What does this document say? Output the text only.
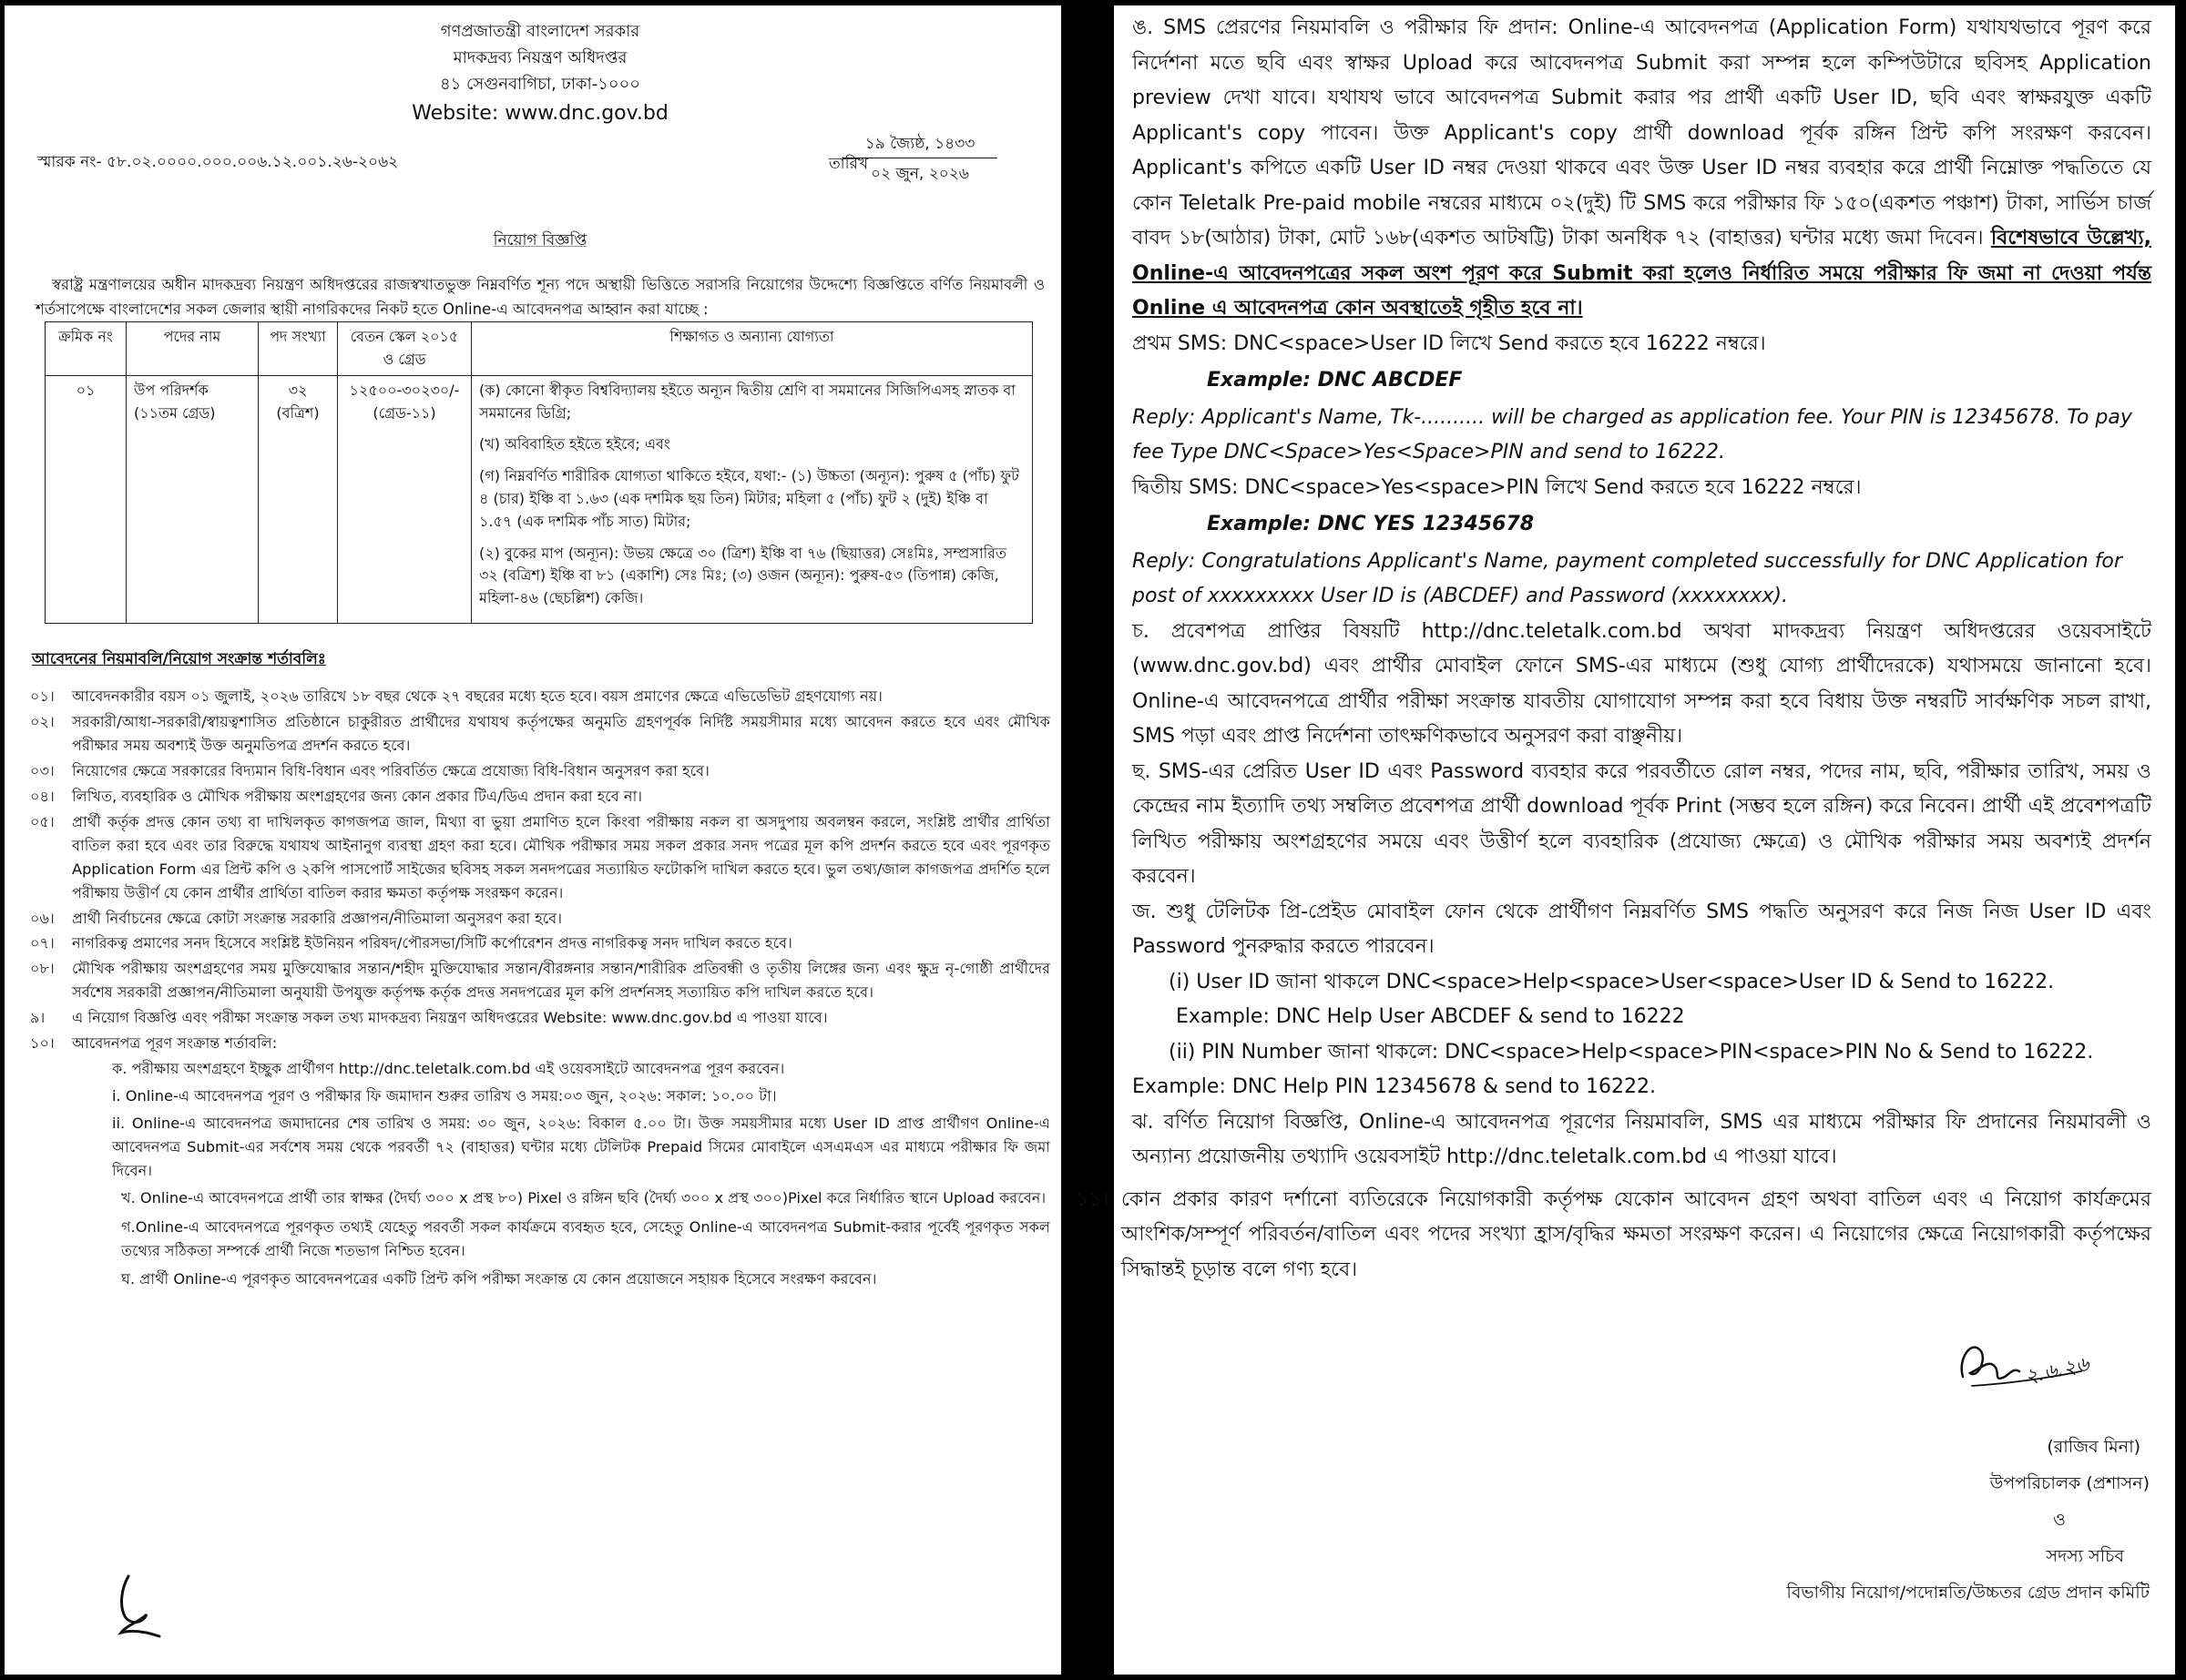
গণপ্রজাতন্ত্রী বাংলাদেশ সরকার
মাদকদ্রব্য নিয়ন্ত্রণ অধিদপ্তর
৪১ সেগুনবাগিচা, ঢাকা-১০০০
Website: www.dnc.gov.bd
স্মারক নং- ৫৮.০২.০০০০.০০০.০০৬.১২.০০১.২৬-২০৬২	তারিখ
১৯ জ্যৈষ্ঠ, ১৪৩৩
০২ জুন, ২০২৬
নিয়োগ বিজ্ঞপ্তি

স্বরাষ্ট্র মন্ত্রণালয়ের অধীন মাদকদ্রব্য নিয়ন্ত্রণ অধিদপ্তরের রাজস্বখাতভুক্ত নিম্নবর্ণিত শূন্য পদে অস্থায়ী ভিত্তিতে সরাসরি নিয়োগের উদ্দেশ্যে বিজ্ঞপ্তিতে বর্ণিত নিয়মাবলী ও শর্তসাপেক্ষে বাংলাদেশের সকল জেলার স্থায়ী নাগরিকদের নিকট হতে Online-এ আবেদনপত্র আহ্বান করা যাচ্ছে :

ক্রমিক নং	পদের নাম	পদ সংখ্যা	বেতন স্কেল ২০১৫ ও গ্রেড	শিক্ষাগত ও অন্যান্য যোগ্যতা
০১	উপ পরিদর্শক (১১তম গ্রেড)	৩২ (বত্রিশ)	১২৫০০-৩০২৩০/- (গ্রেড-১১)	(ক) কোনো স্বীকৃত বিশ্ববিদ্যালয় হইতে অন্যূন দ্বিতীয় শ্রেণি বা সমমানের সিজিপিএসহ স্নাতক বা সমমানের ডিগ্রি;

(খ) অবিবাহিত হইতে হইবে; এবং

(গ) নিম্নবর্ণিত শারীরিক যোগ্যতা থাকিতে হইবে, যথা:- (১) উচ্চতা (অন্যূন): পুরুষ ৫ (পাঁচ) ফুট ৪ (চার) ইঞ্চি বা ১.৬৩ (এক দশমিক ছয় তিন) মিটার; মহিলা ৫ (পাঁচ) ফুট ২ (দুই) ইঞ্চি বা ১.৫৭ (এক দশমিক পাঁচ সাত) মিটার;

(২) বুকের মাপ (অন্যূন): উভয় ক্ষেত্রে ৩০ (ত্রিশ) ইঞ্চি বা ৭৬ (ছিয়াত্তর) সেঃমিঃ, সম্প্রসারিত ৩২ (বত্রিশ) ইঞ্চি বা ৮১ (একাশি) সেঃ মিঃ; (৩) ওজন (অন্যূন): পুরুষ-৫৩ (তিপান্ন) কেজি, মহিলা-৪৬ (ছেচল্লিশ) কেজি।

আবেদনের নিয়মাবলি/নিয়োগ সংক্রান্ত শর্তাবলিঃ
০১।	আবেদনকারীর বয়স ০১ জুলাই, ২০২৬ তারিখে ১৮ বছর থেকে ২৭ বছরের মধ্যে হতে হবে। বয়স প্রমাণের ক্ষেত্রে এভিডেভিট গ্রহণযোগ্য নয়।
০২।	সরকারী/আধা-সরকারী/স্বায়ত্বশাসিত প্রতিষ্ঠানে চাকুরীরত প্রার্থীদের যথাযথ কর্তৃপক্ষের অনুমতি গ্রহণপূর্বক নির্দিষ্ট সময়সীমার মধ্যে আবেদন করতে হবে এবং মৌখিক পরীক্ষার সময় অবশ্যই উক্ত অনুমতিপত্র প্রদর্শন করতে হবে।
০৩।	নিয়োগের ক্ষেত্রে সরকারের বিদ্যমান বিধি-বিধান এবং পরিবর্তিত ক্ষেত্রে প্রযোজ্য বিধি-বিধান অনুসরণ করা হবে।
০৪।	লিখিত, ব্যবহারিক ও মৌখিক পরীক্ষায় অংশগ্রহণের জন্য কোন প্রকার টিএ/ডিএ প্রদান করা হবে না।
০৫।	প্রার্থী কর্তৃক প্রদত্ত কোন তথ্য বা দাখিলকৃত কাগজপত্র জাল, মিথ্যা বা ভুয়া প্রমাণিত হলে কিংবা পরীক্ষায় নকল বা অসদুপায় অবলম্বন করলে, সংশ্লিষ্ট প্রার্থীর প্রার্থিতা বাতিল করা হবে এবং তার বিরুদ্ধে যথাযথ আইনানুগ ব্যবস্থা গ্রহণ করা হবে। মৌখিক পরীক্ষার সময় সকল প্রকার সনদ পত্রের মূল কপি প্রদর্শন করতে হবে এবং পূরণকৃত Application Form এর প্রিন্ট কপি ও ২কপি পাসপোর্ট সাইজের ছবিসহ সকল সনদপত্রের সত্যায়িত ফটোকপি দাখিল করতে হবে। ভুল তথ্য/জাল কাগজপত্র প্রদর্শিত হলে পরীক্ষায় উত্তীর্ণ যে কোন প্রার্থীর প্রার্থিতা বাতিল করার ক্ষমতা কর্তৃপক্ষ সংরক্ষণ করেন।
০৬।	প্রার্থী নির্বাচনের ক্ষেত্রে কোটা সংক্রান্ত সরকারি প্রজ্ঞাপন/নীতিমালা অনুসরণ করা হবে।
০৭।	নাগরিকত্ব প্রমাণের সনদ হিসেবে সংশ্লিষ্ট ইউনিয়ন পরিষদ/পৌরসভা/সিটি কর্পোরেশন প্রদত্ত নাগরিকত্ব সনদ দাখিল করতে হবে।
০৮।	মৌখিক পরীক্ষায় অংশগ্রহণের সময় মুক্তিযোদ্ধার সন্তান/শহীদ মুক্তিযোদ্ধার সন্তান/বীরঙ্গনার সন্তান/শারীরিক প্রতিবন্ধী ও তৃতীয় লিঙ্গের জন্য এবং ক্ষুদ্র নৃ-গোষ্ঠী প্রার্থীদের সর্বশেষ সরকারী প্রজ্ঞাপন/নীতিমালা অনুযায়ী উপযুক্ত কর্তৃপক্ষ কর্তৃক প্রদত্ত সনদপত্রের মূল কপি প্রদর্শনসহ সত্যায়িত কপি দাখিল করতে হবে।
৯।	এ নিয়োগ বিজ্ঞপ্তি এবং পরীক্ষা সংক্রান্ত সকল তথ্য মাদকদ্রব্য নিয়ন্ত্রণ অধিদপ্তরের Website: www.dnc.gov.bd এ পাওয়া যাবে।
১০।	আবেদনপত্র পূরণ সংক্রান্ত শর্তাবলি:
ক. পরীক্ষায় অংশগ্রহণে ইচ্ছুক প্রার্থীগণ http://dnc.teletalk.com.bd এই ওয়েবসাইটে আবেদনপত্র পূরণ করবেন।
i. Online-এ আবেদনপত্র পূরণ ও পরীক্ষার ফি জমাদান শুরুর তারিখ ও সময়:০৩ জুন, ২০২৬: সকাল: ১০.০০ টা।
ii. Online-এ আবেদনপত্র জমাদানের শেষ তারিখ ও সময়: ৩০ জুন, ২০২৬: বিকাল ৫.০০ টা। উক্ত সময়সীমার মধ্যে User ID প্রাপ্ত প্রার্থীগণ Online-এ আবেদনপত্র Submit-এর সর্বশেষ সময় থেকে পরবর্তী ৭২ (বাহাত্তর) ঘন্টার মধ্যে টেলিটক Prepaid সিমের মোবাইলে এসএমএস এর মাধ্যমে পরীক্ষার ফি জমা দিবেন।
খ. Online-এ আবেদনপত্রে প্রার্থী তার স্বাক্ষর (দৈর্ঘ্য ৩০০ x প্রস্থ ৮০) Pixel ও রঙ্গিন ছবি (দৈর্ঘ্য ৩০০ x প্রস্থ ৩০০)Pixel করে নির্ধারিত স্থানে Upload করবেন।
গ.Online-এ আবেদনপত্রে পূরণকৃত তথ্যই যেহেতু পরবর্তী সকল কার্যক্রমে ব্যবহৃত হবে, সেহেতু Online-এ আবেদনপত্র Submit-করার পূর্বেই পূরণকৃত সকল তথ্যের সঠিকতা সম্পর্কে প্রার্থী নিজে শতভাগ নিশ্চিত হবেন।
ঘ. প্রার্থী Online-এ পূরণকৃত আবেদনপত্রের একটি প্রিন্ট কপি পরীক্ষা সংক্রান্ত যে কোন প্রয়োজনে সহায়ক হিসেবে সংরক্ষণ করবেন।

ঙ. SMS প্রেরণের নিয়মাবলি ও পরীক্ষার ফি প্রদান: Online-এ আবেদনপত্র (Application Form) যথাযথভাবে পূরণ করে নির্দেশনা মতে ছবি এবং স্বাক্ষর Upload করে আবেদনপত্র Submit করা সম্পন্ন হলে কম্পিউটারে ছবিসহ Application preview দেখা যাবে। যথাযথ ভাবে আবেদনপত্র Submit করার পর প্রার্থী একটি User ID, ছবি এবং স্বাক্ষরযুক্ত একটি Applicant's copy পাবেন। উক্ত Applicant's copy প্রার্থী download পূর্বক রঙ্গিন প্রিন্ট কপি সংরক্ষণ করবেন। Applicant's কপিতে একটি User ID নম্বর দেওয়া থাকবে এবং উক্ত User ID নম্বর ব্যবহার করে প্রার্থী নিম্নোক্ত পদ্ধতিতে যে কোন Teletalk Pre-paid mobile নম্বরের মাধ্যমে ০২(দুই) টি SMS করে পরীক্ষার ফি ১৫০(একশত পঞ্চাশ) টাকা, সার্ভিস চার্জ বাবদ ১৮(আঠার) টাকা, মোট ১৬৮(একশত আটষট্টি) টাকা অনধিক ৭২ (বাহাত্তর) ঘন্টার মধ্যে জমা দিবেন। বিশেষভাবে উল্লেখ্য, Online-এ আবেদনপত্রের সকল অংশ পূরণ করে Submit করা হলেও নির্ধারিত সময়ে পরীক্ষার ফি জমা না দেওয়া পর্যন্ত Online এ আবেদনপত্র কোন অবস্থাতেই গৃহীত হবে না।

প্রথম SMS: DNC<space>User ID লিখে Send করতে হবে 16222 নম্বরে।

Example: DNC ABCDEF

Reply: Applicant's Name, Tk-.......... will be charged as application fee. Your PIN is 12345678. To pay fee Type DNC<Space>Yes<Space>PIN and send to 16222.

দ্বিতীয় SMS: DNC<space>Yes<space>PIN লিখে Send করতে হবে 16222 নম্বরে।

Example: DNC YES 12345678

Reply: Congratulations Applicant's Name, payment completed successfully for DNC Application for post of xxxxxxxxx User ID is (ABCDEF) and Password (xxxxxxxx).

চ. প্রবেশপত্র প্রাপ্তির বিষয়টি http://dnc.teletalk.com.bd অথবা মাদকদ্রব্য নিয়ন্ত্রণ অধিদপ্তরের ওয়েবসাইটে (www.dnc.gov.bd) এবং প্রার্থীর মোবাইল ফোনে SMS-এর মাধ্যমে (শুধু যোগ্য প্রার্থীদেরকে) যথাসময়ে জানানো হবে। Online-এ আবেদনপত্রে প্রার্থীর পরীক্ষা সংক্রান্ত যাবতীয় যোগাযোগ সম্পন্ন করা হবে বিধায় উক্ত নম্বরটি সার্বক্ষণিক সচল রাখা, SMS পড়া এবং প্রাপ্ত নির্দেশনা তাৎক্ষণিকভাবে অনুসরণ করা বাঞ্ছনীয়।

ছ. SMS-এর প্রেরিত User ID এবং Password ব্যবহার করে পরবর্তীতে রোল নম্বর, পদের নাম, ছবি, পরীক্ষার তারিখ, সময় ও কেন্দ্রের নাম ইত্যাদি তথ্য সম্বলিত প্রবেশপত্র প্রার্থী download পূর্বক Print (সম্ভব হলে রঙ্গিন) করে নিবেন। প্রার্থী এই প্রবেশপত্রটি লিখিত পরীক্ষায় অংশগ্রহণের সময়ে এবং উত্তীর্ণ হলে ব্যবহারিক (প্রযোজ্য ক্ষেত্রে) ও মৌখিক পরীক্ষার সময় অবশ্যই প্রদর্শন করবেন।

জ. শুধু টেলিটক প্রি-প্রেইড মোবাইল ফোন থেকে প্রার্থীগণ নিম্নবর্ণিত SMS পদ্ধতি অনুসরণ করে নিজ নিজ User ID এবং Password পুনরুদ্ধার করতে পারবেন।

(i) User ID জানা থাকলে DNC<space>Help<space>User<space>User ID & Send to 16222.

Example: DNC Help User ABCDEF & send to 16222

(ii) PIN Number জানা থাকলে: DNC<space>Help<space>PIN<space>PIN No & Send to 16222.

Example: DNC Help PIN 12345678 & send to 16222.

ঝ. বর্ণিত নিয়োগ বিজ্ঞপ্তি, Online-এ আবেদনপত্র পূরণের নিয়মাবলি, SMS এর মাধ্যমে পরীক্ষার ফি প্রদানের নিয়মাবলী ও অন্যান্য প্রয়োজনীয় তথ্যাদি ওয়েবসাইট http://dnc.teletalk.com.bd এ পাওয়া যাবে।

১১। কোন প্রকার কারণ দর্শানো ব্যতিরেকে নিয়োগকারী কর্তৃপক্ষ যেকোন আবেদন গ্রহণ অথবা বাতিল এবং এ নিয়োগ কার্যক্রমের আংশিক/সম্পূর্ণ পরিবর্তন/বাতিল এবং পদের সংখ্যা হ্রাস/বৃদ্ধির ক্ষমতা সংরক্ষণ করেন। এ নিয়োগের ক্ষেত্রে নিয়োগকারী কর্তৃপক্ষের সিদ্ধান্তই চূড়ান্ত বলে গণ্য হবে।
২.৬.২৬
(রাজিব মিনা)
উপপরিচালক (প্রশাসন)
ও
সদস্য সচিব
বিভাগীয় নিয়োগ/পদোন্নতি/উচ্চতর গ্রেড প্রদান কমিটি
